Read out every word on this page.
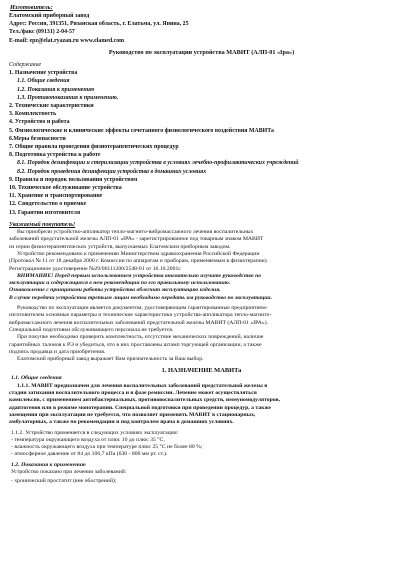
Изготовитель:
Елатомский приборный завод
Адрес: Россия, 391351, Рязанская область, г. Елатьма, ул. Янина, 25
Тел./факс (09131) 2-04-57
E-mail: epz@elat.ryazan.ru www.elamed.com
Руководство по эксплуатации устройства МАВИТ (АЛП-01 «Ipa»)
Содержание
1. Назначение устройства
1.1. Общие сведения
1.2. Показания к применению
1.3. Противопоказания к применению.
2. Технические характеристики
3. Комплектность
4. Устройство и работа
5. Физиологические и клинические эффекты сочетанного физиологического воздействия МАВИТа
6.Меры безопасности
7. Общие правила проведения физиотерапевтических процедур
8. Подготовка устройства к работе
8.1. Порядок дезинфекции и стерилизации устройства в условиях лечебно-профилактических учреждений
8.2. Порядок проведения дезинфекции устройства в домашних условиях
9. Правила и порядок пользования устройством
10. Техническое обслуживание устройства
11. Хранение и транспортирование
12. Свидетельство о приемке
13. Гарантии изготовителя
Уважаемый покупатель!
Вы приобрели устройство-аппликатор тепло-магнито-вибромассажного лечения воспалительных
заболеваний предстательной железы АЛП-01 «IPA» - зарегистрированное под товарным знаком МАВИТ
из серии физиотерапевтических устройств, выпускаемых Елатомским приборным заводом.
Устройство рекомендовано к применению Министерством здравоохранения Российской Федерации
(Протокол № 11 от 18 декабря 2000 г. Комиссии по аппаратам и приборам, применяемым в физиотерапии).
Регистрационное удостоверение №29/06111200/2548-01 от 16.10.2001г.
ВНИМАНИЕ! Перед первым использованием устройства внимательно изучите руководство по
эксплуатации и содержащиеся в нем рекомендации по его правильному использованию.
Ознакомление с принципами работы устройства облегчит эксплуатацию изделия.
В случае передачи устройства третьим лицам необходимо передать им руководство по эксплуатации.
Руководство по эксплуатации является документом, удостоверяющим гарантированные предприятием-
изготовителем основные параметры и технические характеристики устройства-аппликатора тепло-магнито-
вибромассажного лечения воспалительных заболеваний предстательной железы МАВИТ (АЛП-01 «IPA»).
Специальной подготовки обслуживающего персонала не требуется.
При покупке необходимо проверить комплектность, отсутствие механических повреждений, наличие
гарантийных талонов к РЭ и убедиться, что в них проставлены штамп торгующей организации, а также
подпись продавца и дата приобретения.
Елатомский приборный завод выражает Вам признательность за Ваш выбор.
1. НАЗНАЧЕНИЕ МАВИТа
1.1. Общие сведения
1.1.1. МАВИТ предназначен для лечения воспалительных заболеваний предстательной железы в
стадии затихания воспалительного процесса и в фазе ремиссии. Лечение может осуществляться
комплексно, с применением антибактериальных, противовоспалительных средств, иммуномодуляторов,
адаптогенов или в режиме монотерапии. Специальной подготовки при проведении процедур, а также
замещения при эксплуатации не требуется, что позволяет применять МАВИТ в стационарных,
амбулаторных, а также по рекомендации и под контролем врача в домашних условиях.
1.1.2. Устройство применяется в следующих условиях эксплуатации:
- температура окружающего воздуха от плюс 10 до плюс 35 °С,
- влажность окружающего воздуха при температуре плюс 25 °С не более 80 %;
- атмосферное давление от 84 до 106,7 кПа (630 - 800 мм рт. ст.).
1.2. Показания к применению
Устройство показано при лечении заболеваний:
- хронический простатит (вне обострений);
